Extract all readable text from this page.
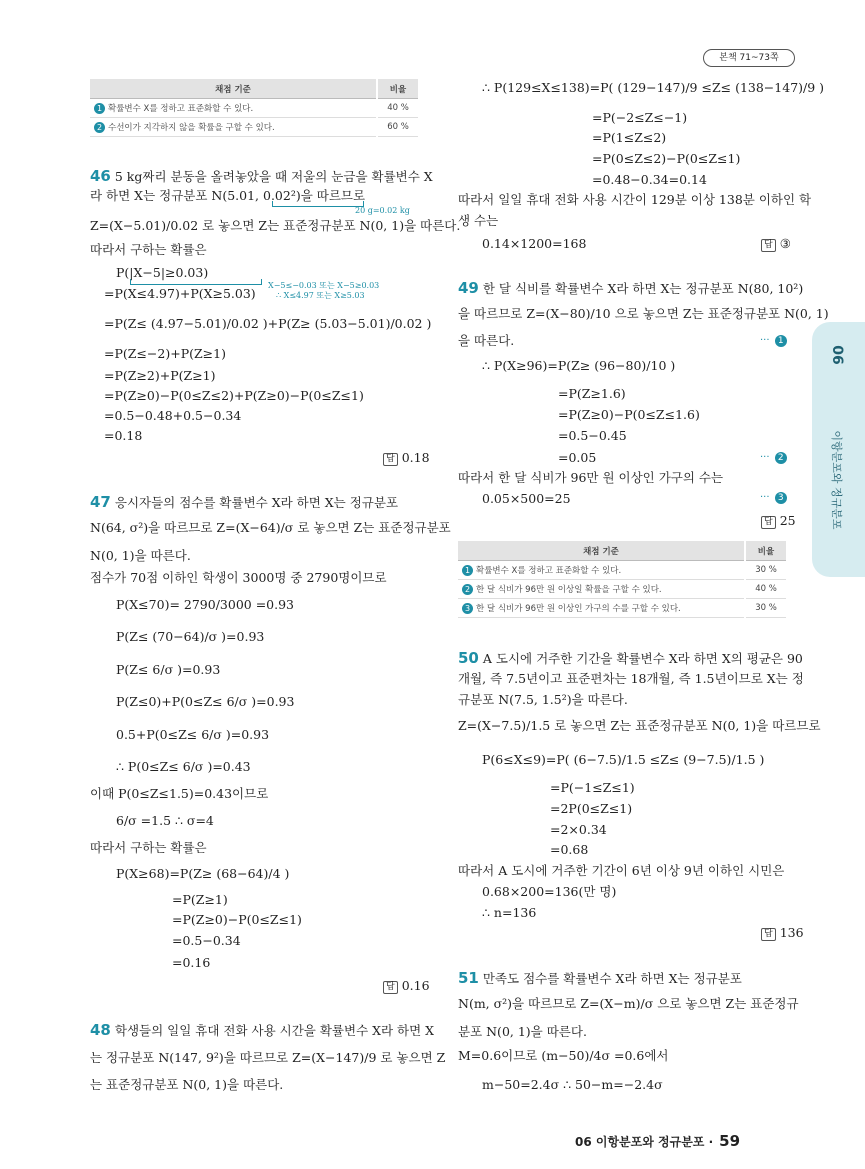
본책 71~73쪽
06
이항분포와 정규분포
채점 기준	비율
1 확률변수 X를 정하고 표준화할 수 있다.	40 %
2 수선이가 지각하지 않을 확률을 구할 수 있다.	60 %
46 5 kg짜리 분동을 올려놓았을 때 저울의 눈금을 확률변수 X
라 하면 X는 정규분포 N(5.01, 0.02²)을 따르므로
20 g=0.02 kg
Z=(X−5.01)/0.02 로 놓으면 Z는 표준정규분포 N(0, 1)을 따른다.
따라서 구하는 확률은
P(|X−5|≥0.03)
X−5≤−0.03 또는 X−5≥0.03
∴ X≤4.97 또는 X≥5.03
=P(X≤4.97)+P(X≥5.03)
=P(Z≤ (4.97−5.01)/0.02 )+P(Z≥ (5.03−5.01)/0.02 )
=P(Z≤−2)+P(Z≥1)
=P(Z≥2)+P(Z≥1)
=P(Z≥0)−P(0≤Z≤2)+P(Z≥0)−P(0≤Z≤1)
=0.5−0.48+0.5−0.34
=0.18
답 0.18
47 응시자들의 점수를 확률변수 X라 하면 X는 정규분포
N(64, σ²)을 따르므로 Z=(X−64)/σ 로 놓으면 Z는 표준정규분포
N(0, 1)을 따른다.
점수가 70점 이하인 학생이 3000명 중 2790명이므로
P(X≤70)= 2790/3000 =0.93
P(Z≤ (70−64)/σ )=0.93
P(Z≤ 6/σ )=0.93
P(Z≤0)+P(0≤Z≤ 6/σ )=0.93
0.5+P(0≤Z≤ 6/σ )=0.93
∴ P(0≤Z≤ 6/σ )=0.43
이때 P(0≤Z≤1.5)=0.43이므로
6/σ =1.5 ∴ σ=4
따라서 구하는 확률은
P(X≥68)=P(Z≥ (68−64)/4 )
=P(Z≥1)
=P(Z≥0)−P(0≤Z≤1)
=0.5−0.34
=0.16
답 0.16
48 학생들의 일일 휴대 전화 사용 시간을 확률변수 X라 하면 X
는 정규분포 N(147, 9²)을 따르므로 Z=(X−147)/9 로 놓으면 Z
는 표준정규분포 N(0, 1)을 따른다.
∴ P(129≤X≤138)=P( (129−147)/9 ≤Z≤ (138−147)/9 )
=P(−2≤Z≤−1)
=P(1≤Z≤2)
=P(0≤Z≤2)−P(0≤Z≤1)
=0.48−0.34=0.14
따라서 일일 휴대 전화 사용 시간이 129분 이상 138분 이하인 학
생 수는
0.14×1200=168	답 ③
49 한 달 식비를 확률변수 X라 하면 X는 정규분포 N(80, 10²)
을 따르므로 Z=(X−80)/10 으로 놓으면 Z는 표준정규분포 N(0, 1)
을 따른다.	··· 1
∴ P(X≥96)=P(Z≥ (96−80)/10 )
=P(Z≥1.6)
=P(Z≥0)−P(0≤Z≤1.6)
=0.5−0.45
=0.05	··· 2
따라서 한 달 식비가 96만 원 이상인 가구의 수는
0.05×500=25	··· 3
답 25
채점 기준	비율
1 확률변수 X를 정하고 표준화할 수 있다.	30 %
2 한 달 식비가 96만 원 이상일 확률을 구할 수 있다.	40 %
3 한 달 식비가 96만 원 이상인 가구의 수를 구할 수 있다.	30 %
50 A 도시에 거주한 기간을 확률변수 X라 하면 X의 평균은 90
개월, 즉 7.5년이고 표준편차는 18개월, 즉 1.5년이므로 X는 정
규분포 N(7.5, 1.5²)을 따른다.
Z=(X−7.5)/1.5 로 놓으면 Z는 표준정규분포 N(0, 1)을 따르므로
P(6≤X≤9)=P( (6−7.5)/1.5 ≤Z≤ (9−7.5)/1.5 )
=P(−1≤Z≤1)
=2P(0≤Z≤1)
=2×0.34
=0.68
따라서 A 도시에 거주한 기간이 6년 이상 9년 이하인 시민은
0.68×200=136(만 명)
∴ n=136
답 136
51 만족도 점수를 확률변수 X라 하면 X는 정규분포
N(m, σ²)을 따르므로 Z=(X−m)/σ 으로 놓으면 Z는 표준정규
분포 N(0, 1)을 따른다.
M=0.6이므로 (m−50)/4σ =0.6에서
m−50=2.4σ ∴ 50−m=−2.4σ
06 이항분포와 정규분포 · 59
